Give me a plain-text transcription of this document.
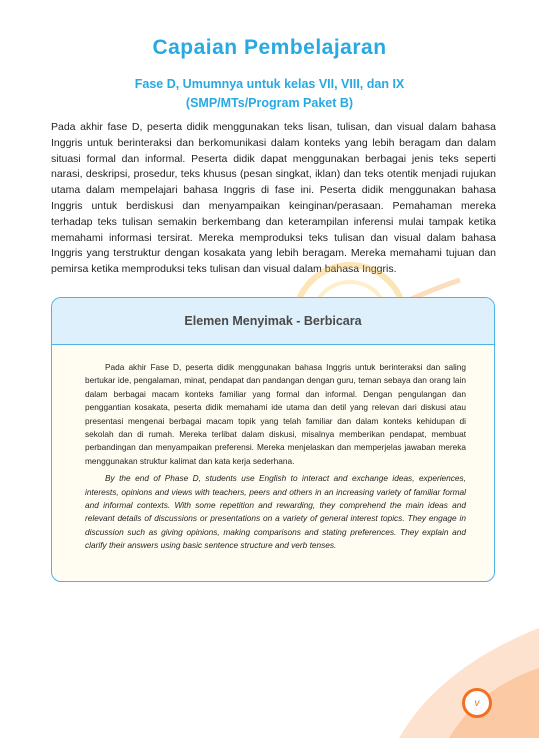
Capaian Pembelajaran
Fase D, Umumnya untuk kelas VII, VIII, dan IX
(SMP/MTs/Program Paket B)

Pada akhir fase D, peserta didik menggunakan teks lisan, tulisan, dan visual dalam bahasa Inggris untuk berinteraksi dan berkomunikasi dalam konteks yang lebih beragam dan dalam situasi formal dan informal. Peserta didik dapat menggunakan berbagai jenis teks seperti narasi, deskripsi, prosedur, teks khusus (pesan singkat, iklan) dan teks otentik menjadi rujukan utama dalam mempelajari bahasa Inggris di fase ini. Peserta didik menggunakan bahasa Inggris untuk berdiskusi dan menyampaikan keinginan/perasaan. Pemahaman mereka terhadap teks tulisan semakin berkembang dan keterampilan inferensi mulai tampak ketika memahami informasi tersirat. Mereka memproduksi teks tulisan dan visual dalam bahasa Inggris yang terstruktur dengan kosakata yang lebih beragam. Mereka memahami tujuan dan pemirsa ketika memproduksi teks tulisan dan visual dalam bahasa Inggris.

Elemen Menyimak - Berbicara

Pada akhir Fase D, peserta didik menggunakan bahasa Inggris untuk berinteraksi dan saling bertukar ide, pengalaman, minat, pendapat dan pandangan dengan guru, teman sebaya dan orang lain dalam berbagai macam konteks familiar yang formal dan informal. Dengan pengulangan dan penggantian kosakata, peserta didik memahami ide utama dan detil yang relevan dari diskusi atau presentasi mengenai berbagai macam topik yang telah familiar dan dalam konteks kehidupan di sekolah dan di rumah. Mereka terlibat dalam diskusi, misalnya memberikan pendapat, membuat perbandingan dan menyampaikan preferensi. Mereka menjelaskan dan memperjelas jawaban mereka menggunakan struktur kalimat dan kata kerja sederhana.

By the end of Phase D, students use English to interact and exchange ideas, experiences, interests, opinions and views with teachers, peers and others in an increasing variety of familiar formal and informal contexts. With some repetition and rewarding, they comprehend the main ideas and relevant details of discussions or presentations on a variety of general interest topics. They engage in discussion such as giving opinions, making comparisons and stating preferences. They explain and clarify their answers using basic sentence structure and verb tenses.

v
